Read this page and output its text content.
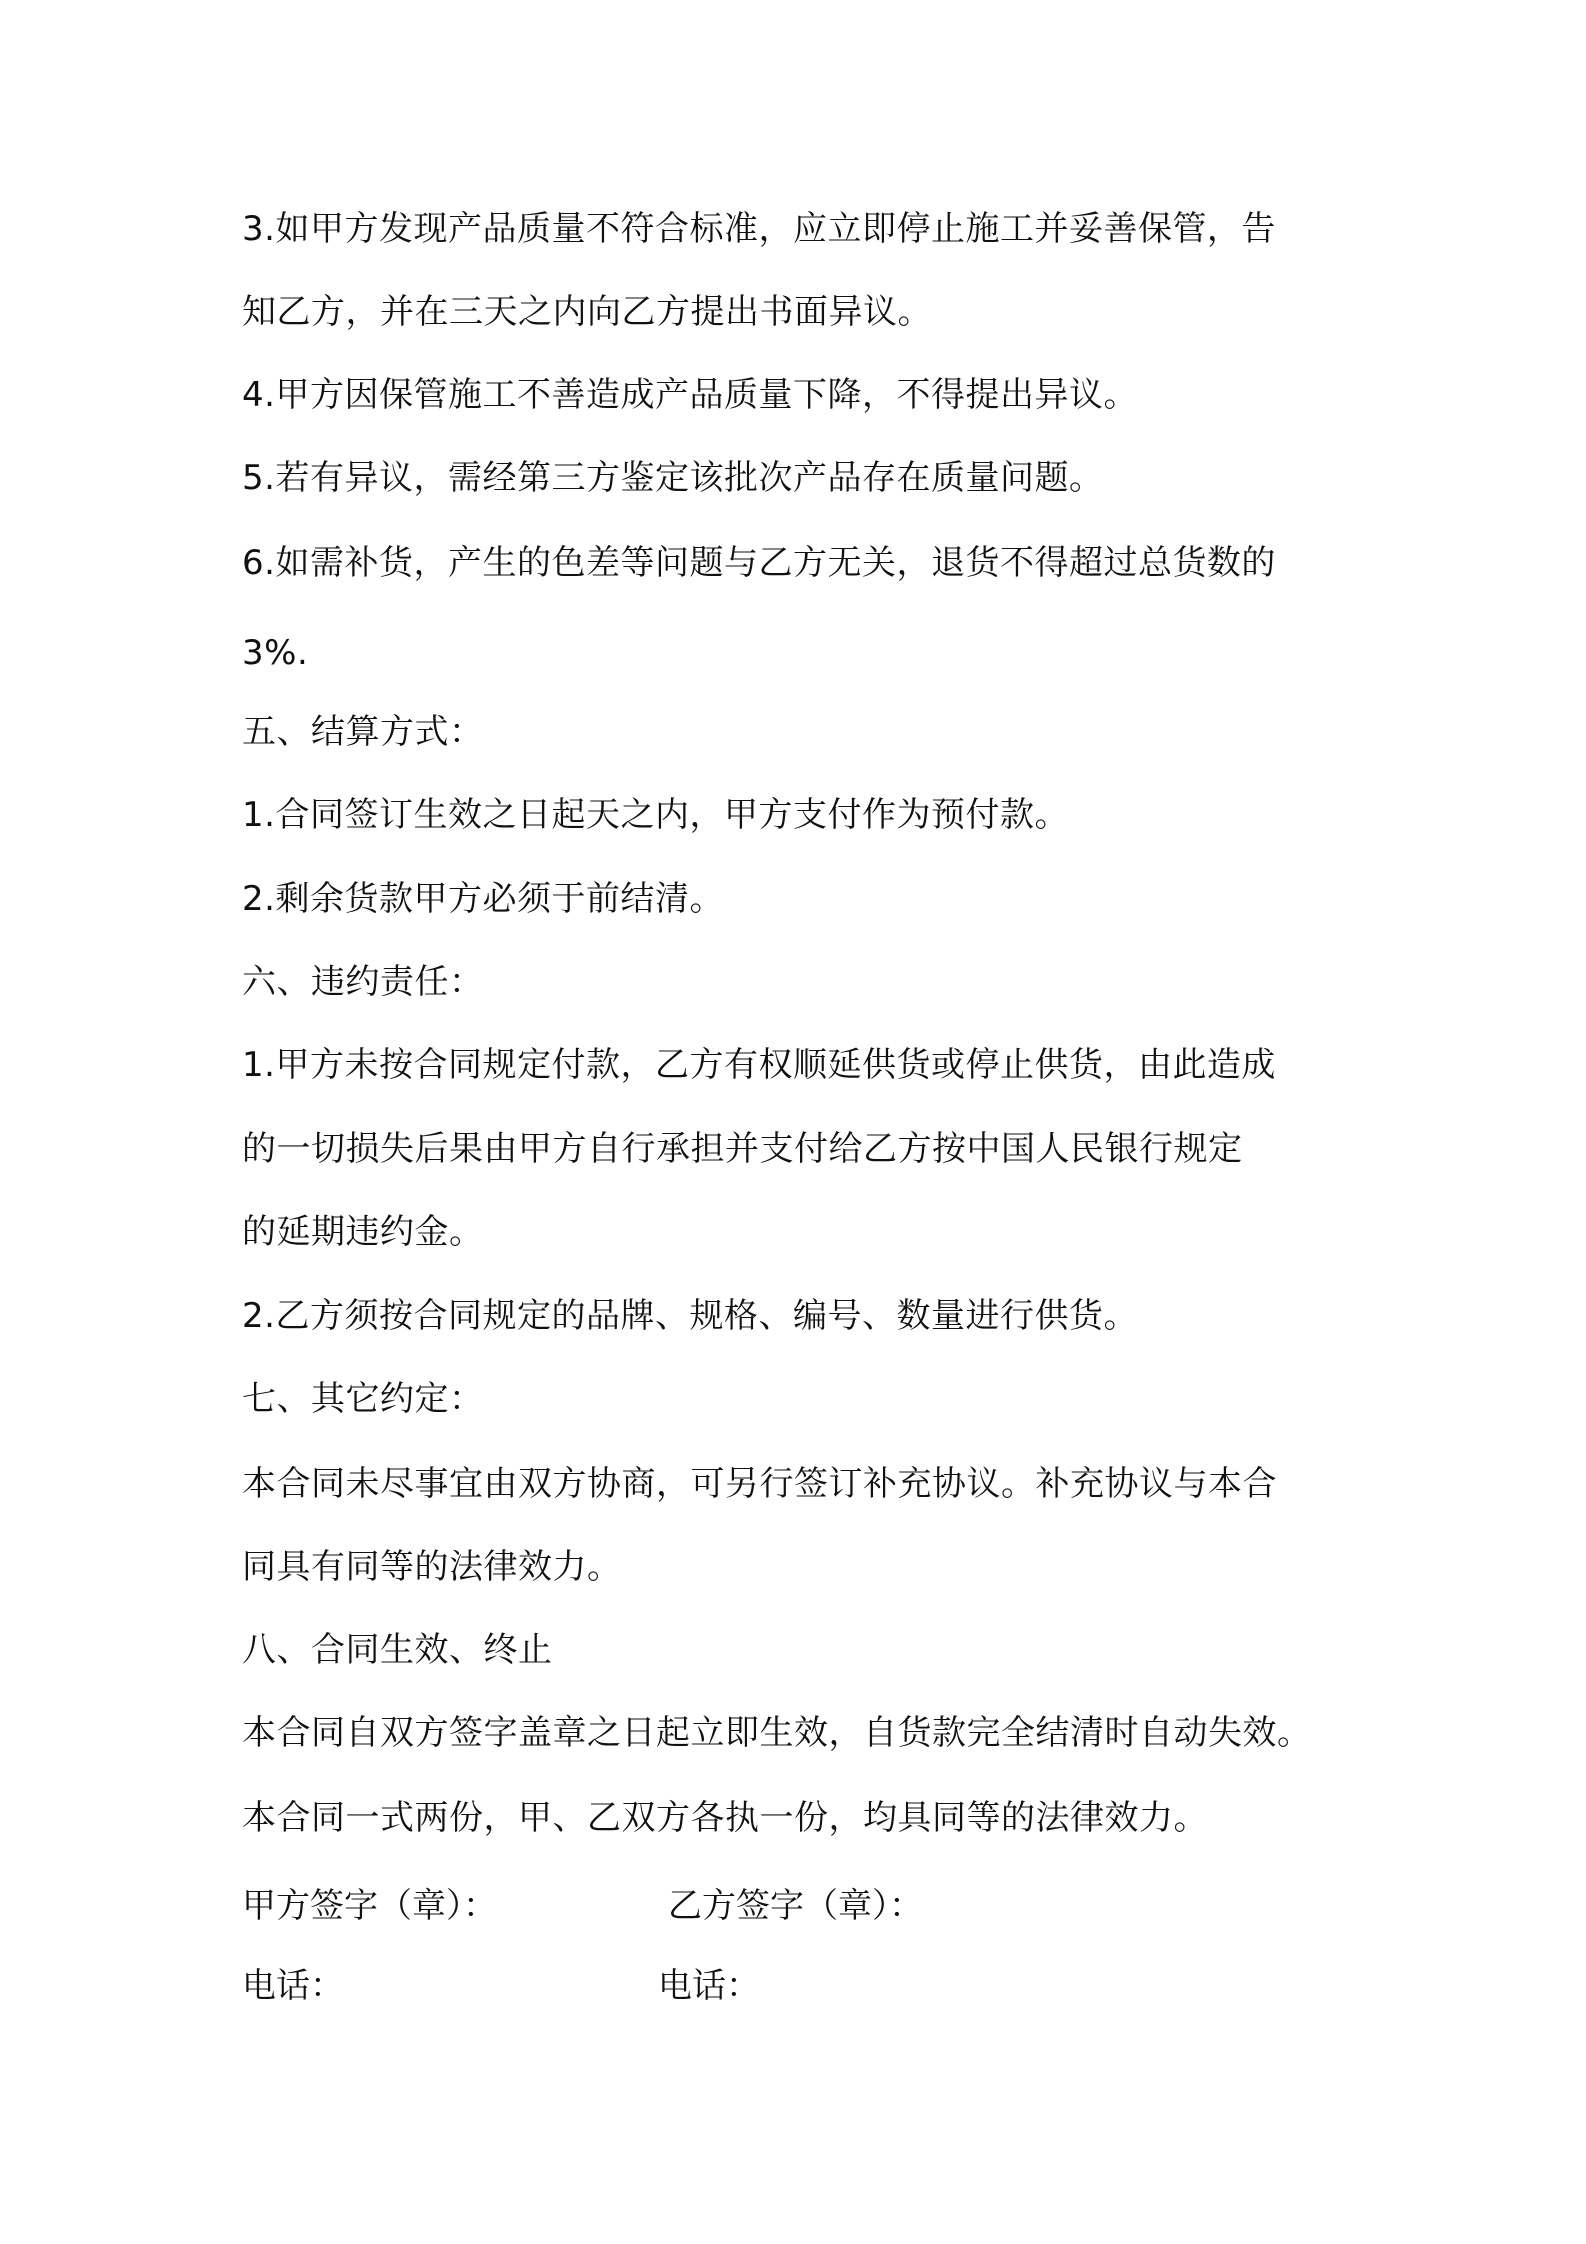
3.如甲方发现产品质量不符合标准，应立即停止施工并妥善保管，告
知乙方，并在三天之内向乙方提出书面异议。
4.甲方因保管施工不善造成产品质量下降，不得提出异议。
5.若有异议，需经第三方鉴定该批次产品存在质量问题。
6.如需补货，产生的色差等问题与乙方无关，退货不得超过总货数的
3%.
五、结算方式：
1.合同签订生效之日起天之内，甲方支付作为预付款。
2.剩余货款甲方必须于前结清。
六、违约责任：
1.甲方未按合同规定付款，乙方有权顺延供货或停止供货，由此造成
的一切损失后果由甲方自行承担并支付给乙方按中国人民银行规定
的延期违约金。
2.乙方须按合同规定的品牌、规格、编号、数量进行供货。
七、其它约定：
本合同未尽事宜由双方协商，可另行签订补充协议。补充协议与本合
同具有同等的法律效力。
八、合同生效、终止
本合同自双方签字盖章之日起立即生效，自货款完全结清时自动失效。
本合同一式两份，甲、乙双方各执一份，均具同等的法律效力。
甲方签字（章）：	乙方签字（章）：
电话：	电话：
